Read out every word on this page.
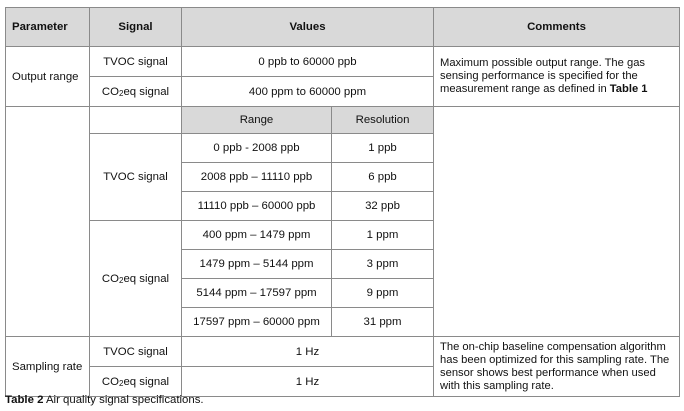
Parameter	Signal	Values		Comments
Output range	TVOC signal	0 ppb to 60000 ppb		Maximum possible output range. The gas sensing performance is specified for the measurement range as defined in Table 1
	$CO_2eq$ signal	400 ppm to 60000 ppm		
		Range	Resolution	
	TVOC signal	0 ppb - 2008 ppb	1 ppb	
		2008 ppb – 11110 ppb	6 ppb	
		11110 ppb – 60000 ppb	32 ppb	
	$CO_2eq$ signal	400 ppm – 1479 ppm	1 ppm	
		1479 ppm – 5144 ppm	3 ppm	
		5144 ppm – 17597 ppm	9 ppm	
		17597 ppm – 60000 ppm	31 ppm	
Sampling rate	TVOC signal	1 Hz		The on-chip baseline compensation algorithm has been optimized for this sampling rate. The sensor shows best performance when used with this sampling rate.
	$CO_2eq$ signal	1 Hz		
Table 2 Air quality signal specifications.
